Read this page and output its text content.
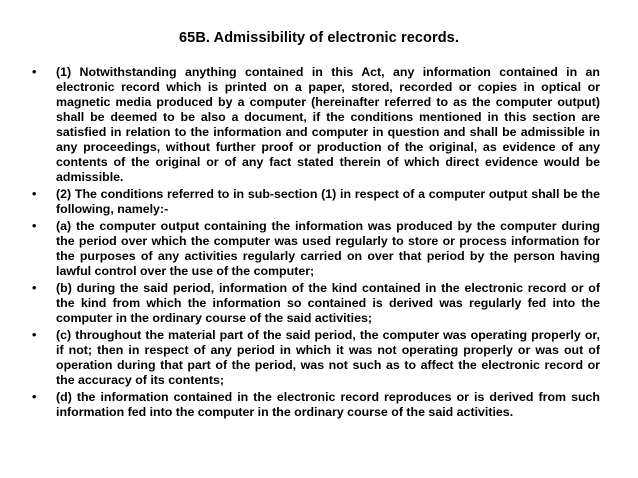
65B. Admissibility of electronic records.
• (1) Notwithstanding anything contained in this Act, any information contained in an electronic record which is printed on a paper, stored, recorded or copies in optical or magnetic media produced by a computer (hereinafter referred to as the computer output) shall be deemed to be also a document, if the conditions mentioned in this section are satisfied in relation to the information and computer in question and shall be admissible in any proceedings, without further proof or production of the original, as evidence of any contents of the original or of any fact stated therein of which direct evidence would be admissible.
• (2) The conditions referred to in sub-section (1) in respect of a computer output shall be the following, namely:-
• (a) the computer output containing the information was produced by the computer during the period over which the computer was used regularly to store or process information for the purposes of any activities regularly carried on over that period by the person having lawful control over the use of the computer;
• (b) during the said period, information of the kind contained in the electronic record or of the kind from which the information so contained is derived was regularly fed into the computer in the ordinary course of the said activities;
• (c) throughout the material part of the said period, the computer was operating properly or, if not; then in respect of any period in which it was not operating properly or was out of operation during that part of the period, was not such as to affect the electronic record or the accuracy of its contents;
• (d) the information contained in the electronic record reproduces or is derived from such information fed into the computer in the ordinary course of the said activities.
